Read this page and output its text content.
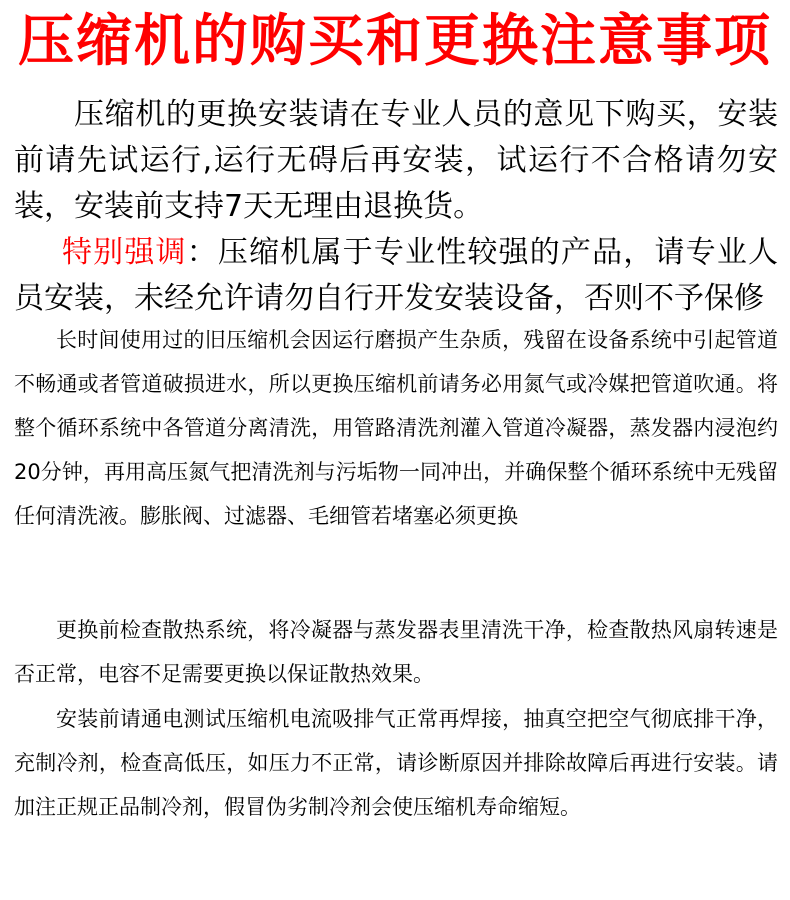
压缩机的购买和更换注意事项
压缩机的更换安装请在专业人员的意见下购买，安装前请先试运行,运行无碍后再安装，试运行不合格请勿安装，安装前支持7天无理由退换货。
特别强调：压缩机属于专业性较强的产品，请专业人员安装，未经允许请勿自行开发安装设备，否则不予保修
长时间使用过的旧压缩机会因运行磨损产生杂质，残留在设备系统中引起管道不畅通或者管道破损进水，所以更换压缩机前请务必用氮气或冷媒把管道吹通。将整个循环系统中各管道分离清洗，用管路清洗剂灌入管道冷凝器，蒸发器内浸泡约20分钟，再用高压氮气把清洗剂与污垢物一同冲出，并确保整个循环系统中无残留任何清洗液。膨胀阀、过滤器、毛细管若堵塞必须更换
更换前检查散热系统，将冷凝器与蒸发器表里清洗干净，检查散热风扇转速是否正常，电容不足需要更换以保证散热效果。
安装前请通电测试压缩机电流吸排气正常再焊接，抽真空把空气彻底排干净，充制冷剂，检查高低压，如压力不正常，请诊断原因并排除故障后再进行安装。请加注正规正品制冷剂，假冒伪劣制冷剂会使压缩机寿命缩短。
